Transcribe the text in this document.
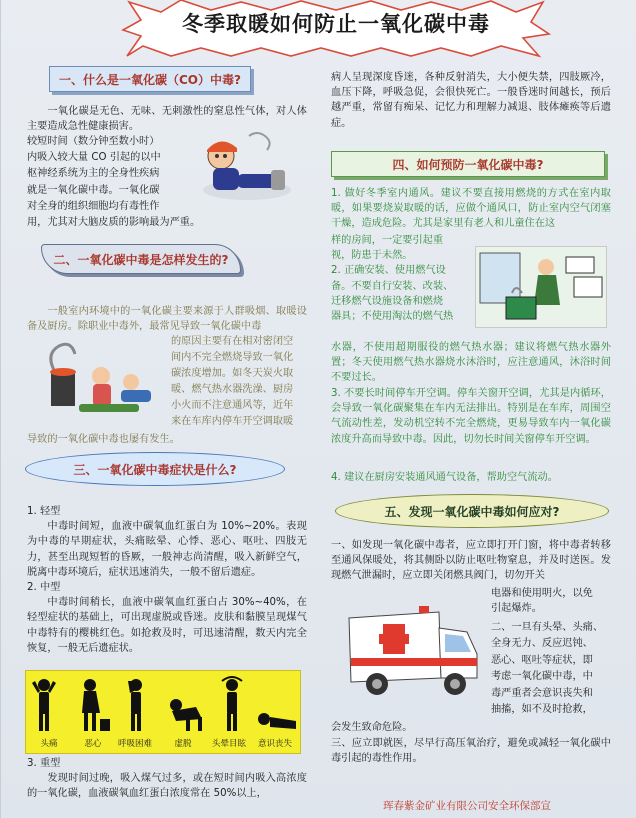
冬季取暖如何防止一氧化碳中毒
一、什么是一氧化碳（CO）中毒?

一氧化碳是无色、无味、无刺激性的窒息性气体，对人体主要造成急性健康损害。

较短时间（数分钟至数小时）
内吸入较大量 CO 引起的以中
枢神经系统为主的全身性疾病
就是一氧化碳中毒。一氧化碳
对全身的组织细胞均有毒性作
用，尤其对大脑皮质的影响最为严重。
二、一氧化碳中毒是怎样发生的?

一般室内环境中的一氧化碳主要来源于人群吸烟、取暖设备及厨房。除职业中毒外，最常见导致一氧化碳中毒

的原因主要有在相对密闭空
间内不完全燃烧导致一氧化
碳浓度增加。如冬天炭火取
暖、燃气热水器洗澡、厨房
小火而不注意通风等，近年
来在车库内停车开空调取暖
导致的一氧化碳中毒也屡有发生。
三、一氧化碳中毒症状是什么?

1. 轻型

中毒时间短，血液中碳氧血红蛋白为 10%~20%。表现为中毒的早期症状，头痛眩晕、心悸、恶心、呕吐、四肢无力，甚至出现短暂的昏厥，一般神志尚清醒，吸入新鲜空气，脱离中毒环境后，症状迅速消失，一般不留后遗症。

2. 中型

中毒时间稍长，血液中碳氧血红蛋白占 30%~40%，在轻型症状的基础上，可出现虚脱或昏迷。皮肤和黏膜呈现煤气中毒特有的樱桃红色。如抢救及时，可迅速清醒，数天内完全恢复，一般无后遗症状。

头痛	恶心	呼吸困难	虚脱	头晕目眩	意识丧失

3. 重型

发现时间过晚，吸入煤气过多，或在短时间内吸入高浓度的一氧化碳，血液碳氧血红蛋白浓度常在 50%以上，

病人呈现深度昏迷，各种反射消失，大小便失禁，四肢厥冷，血压下降，呼吸急促，会很快死亡。一般昏迷时间越长，预后越严重，常留有痴呆、记忆力和理解力减退、肢体瘫痪等后遗症。
四、如何预防一氧化碳中毒?
1. 做好冬季室内通风。建议不要直接用燃烧的方式在室内取暖，如果要烧炭取暖的话，应做个通风口，防止室内空气闭塞干燥，造成危险。尤其是家里有老人和儿童住在这
样的房间，一定要引起重
视，防患于未然。
2. 正确安装、使用燃气设
备。不要自行安装、改装、
迁移燃气设施设备和燃烧
器具；不使用淘汰的燃气热
水器，不使用超期服役的燃气热水器；建议将燃气热水器外置；冬天使用燃气热水器烧水沐浴时，应注意通风，沐浴时间不要过长。
3. 不要长时间停车开空调。停车关窗开空调，尤其是内循环，会导致一氧化碳聚集在车内无法排出。特别是在车库，周围空气流动性差，发动机空转不完全燃烧，更易导致车内一氧化碳浓度升高而导致中毒。因此，切勿长时间关窗停车开空调。
4. 建议在厨房安装通风通气设备，帮助空气流动。
五、发现一氧化碳中毒如何应对?
一、如发现一氧化碳中毒者，应立即打开门窗，将中毒者转移至通风保暖处，将其侧卧以防止呕吐物窒息，并及时送医。发现燃气泄漏时，应立即关闭燃具阀门，切勿开关
电器和使用明火，以免
引起爆炸。
二、一旦有头晕、头痛、
全身无力、反应迟钝、
恶心、呕吐等症状，即
考虑一氧化碳中毒，中
毒严重者会意识丧失和
抽搐，如不及时抢救，
会发生致命危险。
三、应立即就医，尽早行高压氧治疗，避免或减轻一氧化碳中毒引起的毒性作用。
珲春紫金矿业有限公司安全环保部宣
